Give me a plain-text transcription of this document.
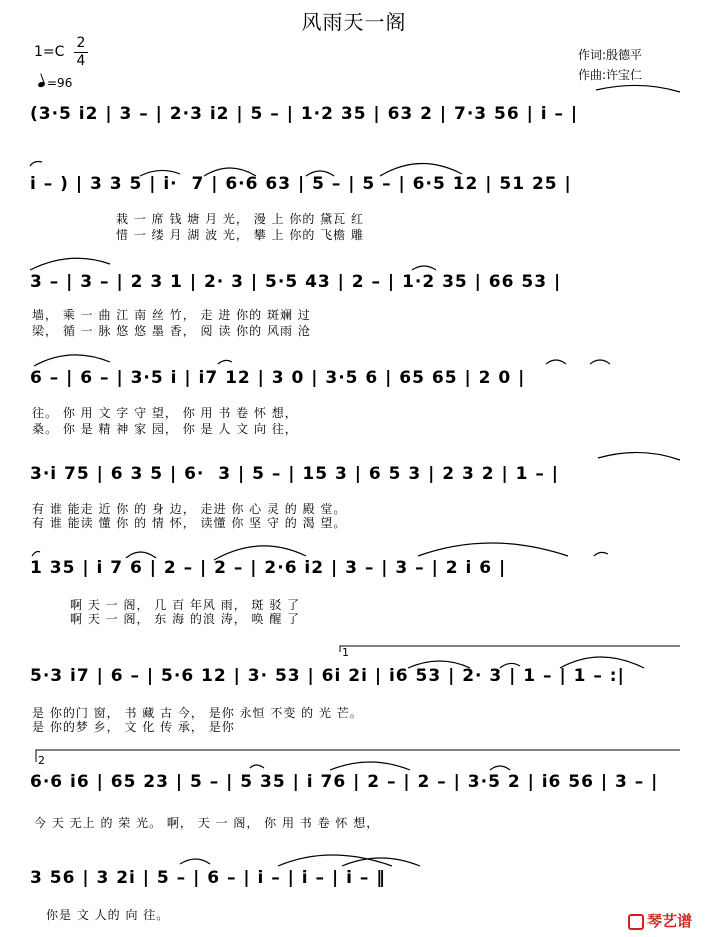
风雨天一阁
1=C
2
4
=96
作词:殷德平
作曲:许宝仁
(3·5 i2 | 3 – | 2·3 i2 | 5 – | 1·2 35 | 63 2 | 7·3 56 | i – |
i – ) | 3 3 5 | i·  7 | 6·6 63 | 5 – | 5 – | 6·5 12 | 51 25 |
栽 一 席 钱 塘 月 光， 漫 上 你的 黛瓦 红
惜 一 缕 月 湖 波 光， 攀 上 你的 飞檐 雕
3 – | 3 – | 2 3 1 | 2· 3 | 5·5 43 | 2 – | 1·2 35 | 66 53 |
墙， 乘 一 曲 江 南 丝 竹， 走 进 你的 斑斓 过
梁， 循 一 脉 悠 悠 墨 香， 阅 读 你的 风雨 沧
6 – | 6 – | 3·5 i | i7 12 | 3 0 | 3·5 6 | 65 65 | 2 0 |
往。 你 用 文 字 守 望， 你 用 书 卷 怀 想，
桑。 你 是 精 神 家 园， 你 是 人 文 向 往，
3·i 75 | 6 3 5 | 6·  3 | 5 – | 15 3 | 6 5 3 | 2 3 2 | 1 – |
有 谁 能走 近 你 的 身 边， 走进 你 心 灵 的 殿 堂。
有 谁 能读 懂 你 的 情 怀， 读懂 你 坚 守 的 渴 望。
1 35 | i 7 6 | 2 – | 2 – | 2·6 i2 | 3 – | 3 – | 2 i 6 |
啊 天 一 阁， 几 百 年风 雨， 斑 驳 了
啊 天 一 阁， 东 海 的浪 涛， 唤 醒 了
1
5·3 i7 | 6 – | 5·6 12 | 3· 53 | 6i 2i | i6 53 | 2· 3 | 1 – | 1 – :|
是 你的门 窗， 书 藏 古 今， 是你 永恒 不变 的 光 芒。
是 你的梦 乡， 文 化 传 承， 是你
2
6·6 i6 | 65 23 | 5 – | 5 35 | i 76 | 2 – | 2 – | 3·5 2 | i6 56 | 3 – |
今 天 无上 的 荣 光。 啊， 天 一 阁， 你 用 书 卷 怀 想，
3 56 | 3 2i | 5 – | 6 – | i – | i – | i – ‖
你是 文 人的 向 往。	琴艺谱
